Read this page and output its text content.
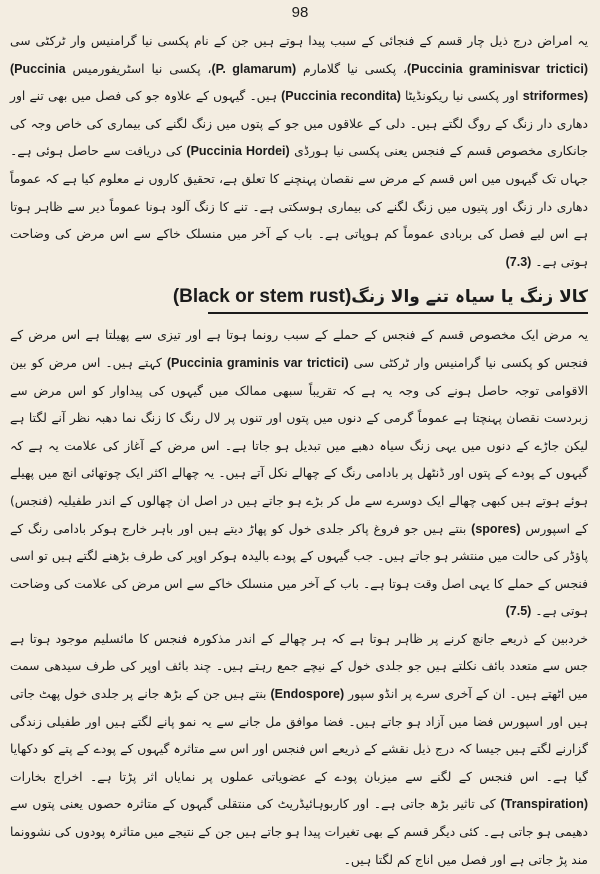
98

یہ امراض درج ذیل چار قسم کے فنجائی کے سبب پیدا ہوتے ہیں جن کے نام پکسی نیا گرامنیس وار ٹرکٹی سی (Puccinia graminisvar trictici)، پکسی نیا گلامارم (P. glamarum)، پکسی نیا اسٹریفورمیس (Puccinia striformes) اور پکسی نیا ریکونڈیٹا (Puccinia recondita) ہیں۔ گیہوں کے علاوہ جو کی فصل میں بھی تنے اور دھاری دار زنگ کے روگ لگتے ہیں۔ دلی کے علاقوں میں جو کے پتوں میں زنگ لگنے کی بیماری کی خاص وجہ کی جانکاری مخصوص قسم کے فنجس یعنی پکسی نیا ہورڈی (Puccinia Hordei) کی دریافت سے حاصل ہوئی ہے۔ جہاں تک گیہوں میں اس قسم کے مرض سے نقصان پہنچنے کا تعلق ہے، تحقیق کاروں نے معلوم کیا ہے کہ عموماً دھاری دار زنگ اور پتیوں میں زنگ لگنے کی بیماری ہوسکتی ہے۔ تنے کا زنگ آلود ہونا عموماً دیر سے ظاہر ہوتا ہے اس لیے فصل کی بربادی عموماً کم ہوپاتی ہے۔ باب کے آخر میں منسلک خاکے سے اس مرض کی وضاحت ہوتی ہے۔ (7.3)

کالا زنگ یا سیاہ تنے والا زنگ(Black or stem rust)

یہ مرض ایک مخصوص قسم کے فنجس کے حملے کے سبب رونما ہوتا ہے اور تیزی سے پھیلتا ہے اس مرض کے فنجس کو پکسی نیا گرامنیس وار ٹرکٹی سی (Puccinia graminis var trictici) کہتے ہیں۔ اس مرض کو بین الاقوامی توجہ حاصل ہونے کی وجہ یہ ہے کہ تقریباً سبھی ممالک میں گیہوں کی پیداوار کو اس مرض سے زبردست نقصان پہنچتا ہے عموماً گرمی کے دنوں میں پتوں اور تنوں پر لال رنگ کا زنگ نما دھبہ نظر آنے لگتا ہے لیکن جاڑے کے دنوں میں یہی زنگ سیاہ دھبے میں تبدیل ہو جاتا ہے۔ اس مرض کے آغاز کی علامت یہ ہے کہ گیہوں کے پودے کے پتوں اور ڈنٹھل پر بادامی رنگ کے چھالے نکل آتے ہیں۔ یہ چھالے اکثر ایک چوتھائی انچ میں پھیلے ہوئے ہوتے ہیں کبھی چھالے ایک دوسرے سے مل کر بڑے ہو جاتے ہیں در اصل ان چھالوں کے اندر طفیلیہ (فنجس) کے اسپورس (spores) بنتے ہیں جو فروغ پاکر جلدی خول کو پھاڑ دیتے ہیں اور باہر خارج ہوکر بادامی رنگ کے پاؤڈر کی حالت میں منتشر ہو جاتے ہیں۔ جب گیہوں کے پودے بالیدہ ہوکر اوپر کی طرف بڑھنے لگتے ہیں تو اسی فنجس کے حملے کا یہی اصل وقت ہوتا ہے۔ باب کے آخر میں منسلک خاکے سے اس مرض کی علامت کی وضاحت ہوتی ہے۔ (7.5)

خردبین کے ذریعے جانچ کرنے پر ظاہر ہوتا ہے کہ ہر چھالے کے اندر مذکورہ فنجس کا مائسلیم موجود ہوتا ہے جس سے متعدد بائف نکلتے ہیں جو جلدی خول کے نیچے جمع رہتے ہیں۔ چند بائف اوپر کی طرف سیدھی سمت میں اٹھتے ہیں۔ ان کے آخری سرے پر انڈو سپور (Endospore) بنتے ہیں جن کے بڑھ جانے پر جلدی خول پھٹ جاتی ہیں اور اسپورس فضا میں آزاد ہو جاتے ہیں۔ فضا موافق مل جانے سے یہ نمو پانے لگتے ہیں اور طفیلی زندگی گزارنے لگتے ہیں جیسا کہ درج ذیل نقشے کے ذریعے اس فنجس اور اس سے متاثرہ گیہوں کے پودے کے پتے کو دکھایا گیا ہے۔ اس فنجس کے لگنے سے میزبان پودے کے عضویاتی عملوں پر نمایاں اثر پڑتا ہے۔ اخراج بخارات (Transpiration) کی تاثیر بڑھ جاتی ہے۔ اور کاربوہائیڈریٹ کی منتقلی گیہوں کے متاثرہ حصوں یعنی پتوں سے دھیمی ہو جاتی ہے۔ کئی دیگر قسم کے بھی تغیرات پیدا ہو جاتے ہیں جن کے نتیجے میں متاثرہ پودوں کی نشوونما مند پڑ جاتی ہے اور فصل میں اناج کم لگتا ہیں۔
